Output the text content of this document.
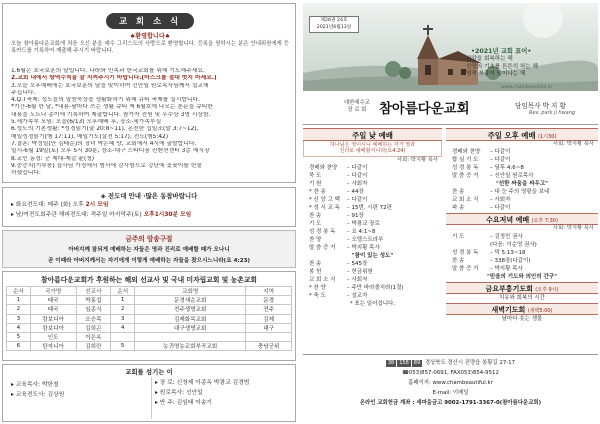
교 회 소 식
♠환영합니다♠
오늘 참아름다운교회에 처음 오신 분을 예수 그리스도의 사랑으로 환영합니다. 등록을 원하시는 분은 안내위원에게 등록카드를 기록하여 제출해 주시기 바랍니다.
1.6월은 호국보훈의 달입니다. 나라와 민족과 한국교회를 위해 기도해주세요.
2.교회 내에서 방역수칙을 잘 지켜주시기 바랍니다.(마스크를 절대 벗지 마세요.)
3.오늘 오후예배에는 호국보훈의 달을 맞이하여 신안일 원로목사님께서 설교해
주십니다.
4.Q.T축제: 성도들의 말씀묵상을 생활화하기 위해 큐티 축제를 실시합니다.
*기간-6월 한 달, *내용-날마다 쓰는 생활 큐티 책 6월호에 나오는 본문을 큐티한
내용을 노트나 종이에 기록하여 제출합니다. 참가자 전원 및 우수상 3명 시상함.
5.세가족부 모임: 오늘(6/13) 오후예배 후, 장소-세가족부실
6.성도의 기본생활: *성경읽기(출 20:8~11), 온전한 십일조(말 3:7~12),
매일성경읽기(행 17:11), 매일기도(살전 5:17), 전도(행5:42)
7.결혼: 박정일(안 김태순)의 장녀 박은혜 양, 교회에서 4시에 출발합니다.
일시-6월 19일(토) 오후 5시 30분, 장소-대구 스타디움 컨벤션센터 3층 예식장
8.교인 동정: 군 제대-제갈 윤(청)
9.중증치(기부풍) 집사님 가정에서 범사에 감사함으로 강단에 꽃꽂이를 헌물
하셨습니다.
◈ 전도대 안내 ·많은 동참바랍니다
▸ 화요전도대: 매주 (화) 오후 2시 모임
▸ 남/여전도회주관 해피전도대: 격주일 마지막주(토) 오후1시30분 모임
금주의 암송구절
아버지께 참되게 예배하는 자들은 영과 진리로 예배할 때가 오나니
곧 이때라 아버지께서는 자기에게 이렇게 예배하는 자들을 찾으시느니라(요 4:23)
참아름다운교회가 후원하는 해외 선교사 및 국내 미자립교회 및 농촌교회
순서	국가명	선교사	순서	교회명	지역
1	태국	박홍섭	1	문경새순교회	문경
2	태국	임종식	2	전주생명교회	전주
3	캄보디아	오승목	3	김제화목교회	김제
4	캄보디아	김희곤	4	대구생명교회	대구
5	인도	이은옥			
6	탄자니아	김희란	5	농귀영농교회부곡교회	충남군위
교회를 섬기는 이
▸ 교육목사: 박한철
▸ 교육전도사: 김상원
▸ 장 로: 신청제 이종옥 박광교 김경범
▸ 원로목사: 신안일
▸ 반 주: 김임태 이송기
제26권 24호
2021년6월13일
•2021년 교회 표어•
신앙을 회복하는 해
신앙의 기초를 튼튼히 하는 해
영적 부흥이 일어나는 해
www.chambeautiful.kr
대한예수교
장 로 회 참아름다운교회	담임목사 박 지 황
Rev. park ji hwang
주일 낮 예배
하나님은 영이시니 예배하는 자가 영과
진리로 예배할지니라(요4:24)
사회: 박지황 목사
경배와 찬양	– 다같이
묵 도	– 다같이
기 원	– 사회자
* 찬 송	– 44장
* 신 앙 고 백	– 다같이
* 성 시 교 독	– 15번. 시편 72편
찬 송	– 91장
기 도	– 박광교 장로
성 경 봉 독	– 요 4:1~8
찬 양	– 오렐스트라부
말 씀 증 거	– 박지황 목사
"참이 있는 성도"
찬 송	– 545장
봉 헌	– 헌금위원
교 회 소 식	– 사회자
* 찬 양	– 주만 바라볼지라(1절)
* 축 도	– 설교자
* 표는 일어섭니다.
주일 오후 예배 (1시30)
사회: 박지황 목사
경배와 찬양	– 다같이
합 심 기 도	– 다같이
성 경 봉 독	– 딤후 4:6~8
말 씀 증 거	– 신안일 원로목사
"선한 싸움을 싸우고"
찬 송	– 내 눈 주의 영광을 보네
교 회 소 식	– 사회자
파 송	– 다같이
수요저녁 예배 (오후 7:30)
사회: 박지황 목사
기 도	– 김정민 권사
(다음: 이순영 권사)
성 경 봉 독	– 막 5:13~18
찬 송	– 338장(다같이)
말 씀 증 거	– 박지황 목사
"믿음의 기도와 의인의 간구"
금요부흥기도회 (오후 9시)
치유와 회복의 시간
새벽기도회 (새벽5:00)
날마다 솟는 샘물
38 158 89 경상북도 경산시 진량읍 봉황길 27-17
☎053)857-0691, FAX053)854-9512
홈페이지: www.chambeautiful.kr
E-mail: 이메일
온라인 교회헌금 계좌 : 새마을금고 9002-1791-3367-0(참아름다운교회)
